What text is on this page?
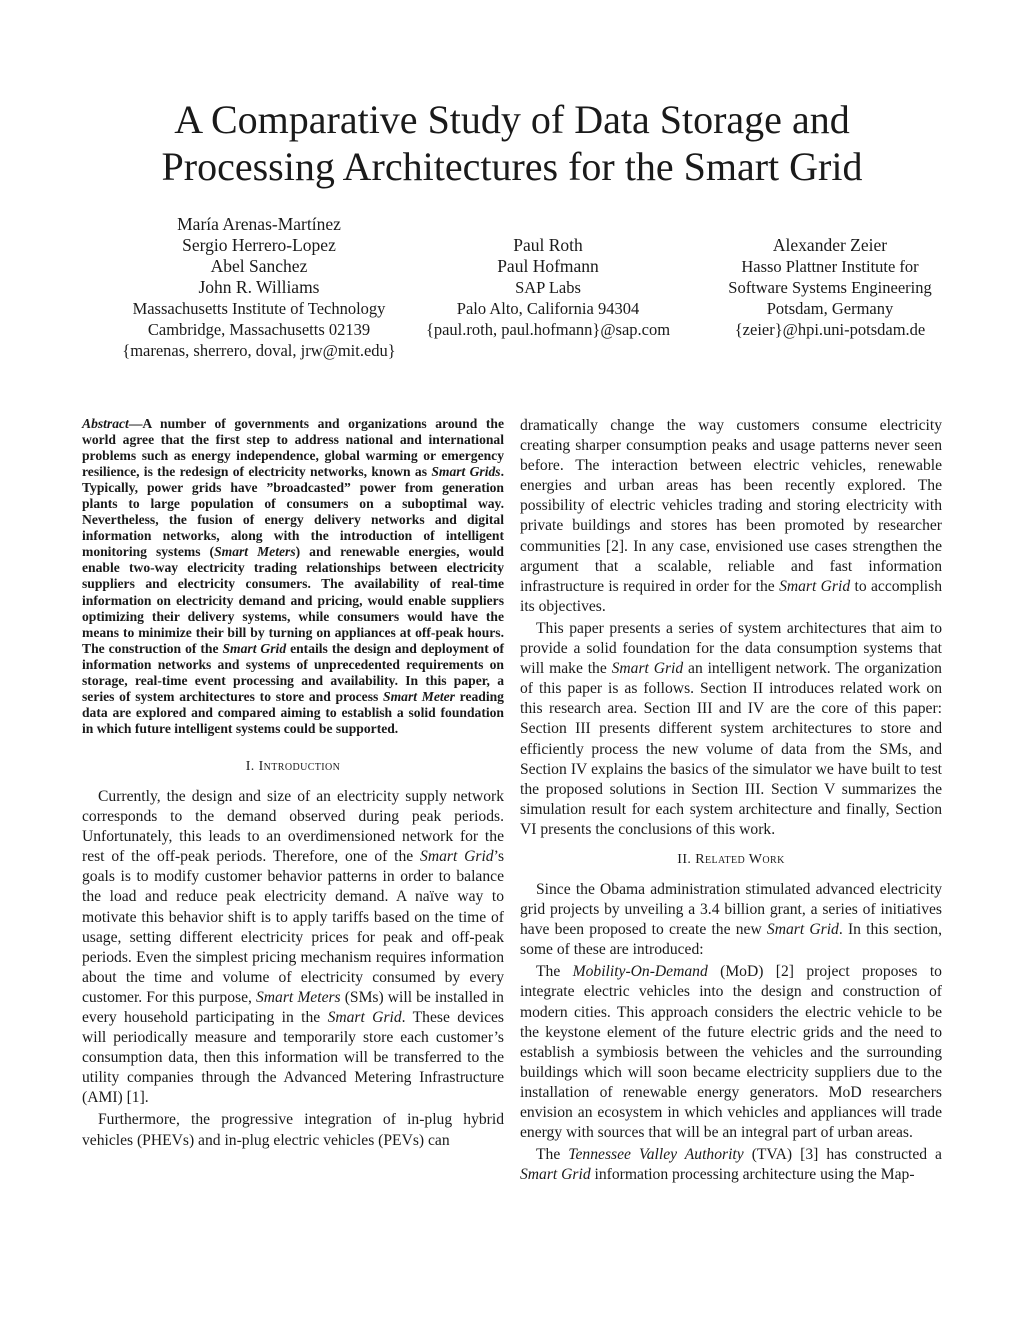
A Comparative Study of Data Storage and
Processing Architectures for the Smart Grid
María Arenas-Martínez
Sergio Herrero-Lopez
Abel Sanchez
John R. Williams
Massachusetts Institute of Technology
Cambridge, Massachusetts 02139
{marenas, sherrero, doval, jrw@mit.edu}
Paul Roth
Paul Hofmann
SAP Labs
Palo Alto, California 94304
{paul.roth, paul.hofmann}@sap.com
Alexander Zeier
Hasso Plattner Institute for
Software Systems Engineering
Potsdam, Germany
{zeier}@hpi.uni-potsdam.de

Abstract—A number of governments and organizations around the world agree that the first step to address national and international problems such as energy independence, global warming or emergency resilience, is the redesign of electricity networks, known as Smart Grids. Typically, power grids have ”broadcasted” power from generation plants to large population of consumers on a suboptimal way. Nevertheless, the fusion of energy delivery networks and digital information networks, along with the introduction of intelligent monitoring systems (Smart Meters) and renewable energies, would enable two-way electricity trading relationships between electricity suppliers and electricity consumers. The availability of real-time information on electricity demand and pricing, would enable suppliers optimizing their delivery systems, while consumers would have the means to minimize their bill by turning on appliances at off-peak hours. The construction of the Smart Grid entails the design and deployment of information networks and systems of unprecedented requirements on storage, real-time event processing and availability. In this paper, a series of system architectures to store and process Smart Meter reading data are explored and compared aiming to establish a solid foundation in which future intelligent systems could be supported.

I. Introduction

Currently, the design and size of an electricity supply network corresponds to the demand observed during peak periods. Unfortunately, this leads to an overdimensioned network for the rest of the off-peak periods. Therefore, one of the Smart Grid’s goals is to modify customer behavior patterns in order to balance the load and reduce peak electricity demand. A naïve way to motivate this behavior shift is to apply tariffs based on the time of usage, setting different electricity prices for peak and off-peak periods. Even the simplest pricing mechanism requires information about the time and volume of electricity consumed by every customer. For this purpose, Smart Meters (SMs) will be installed in every household participating in the Smart Grid. These devices will periodically measure and temporarily store each customer’s consumption data, then this information will be transferred to the utility companies through the Advanced Metering Infrastructure (AMI) [1].

Furthermore, the progressive integration of in-plug hybrid vehicles (PHEVs) and in-plug electric vehicles (PEVs) can

dramatically change the way customers consume electricity creating sharper consumption peaks and usage patterns never seen before. The interaction between electric vehicles, renewable energies and urban areas has been recently explored. The possibility of electric vehicles trading and storing electricity with private buildings and stores has been promoted by researcher communities [2]. In any case, envisioned use cases strengthen the argument that a scalable, reliable and fast information infrastructure is required in order for the Smart Grid to accomplish its objectives.

This paper presents a series of system architectures that aim to provide a solid foundation for the data consumption systems that will make the Smart Grid an intelligent network. The organization of this paper is as follows. Section II introduces related work on this research area. Section III and IV are the core of this paper: Section III presents different system architectures to store and efficiently process the new volume of data from the SMs, and Section IV explains the basics of the simulator we have built to test the proposed solutions in Section III. Section V summarizes the simulation result for each system architecture and finally, Section VI presents the conclusions of this work.

II. Related Work

Since the Obama administration stimulated advanced electricity grid projects by unveiling a 3.4 billion grant, a series of initiatives have been proposed to create the new Smart Grid. In this section, some of these are introduced:

The Mobility-On-Demand (MoD) [2] project proposes to integrate electric vehicles into the design and construction of modern cities. This approach considers the electric vehicle to be the keystone element of the future electric grids and the need to establish a symbiosis between the vehicles and the surrounding buildings which will soon became electricity suppliers due to the installation of renewable energy generators. MoD researchers envision an ecosystem in which vehicles and appliances will trade energy with sources that will be an integral part of urban areas.

The Tennessee Valley Authority (TVA) [3] has constructed a Smart Grid information processing architecture using the Map-
